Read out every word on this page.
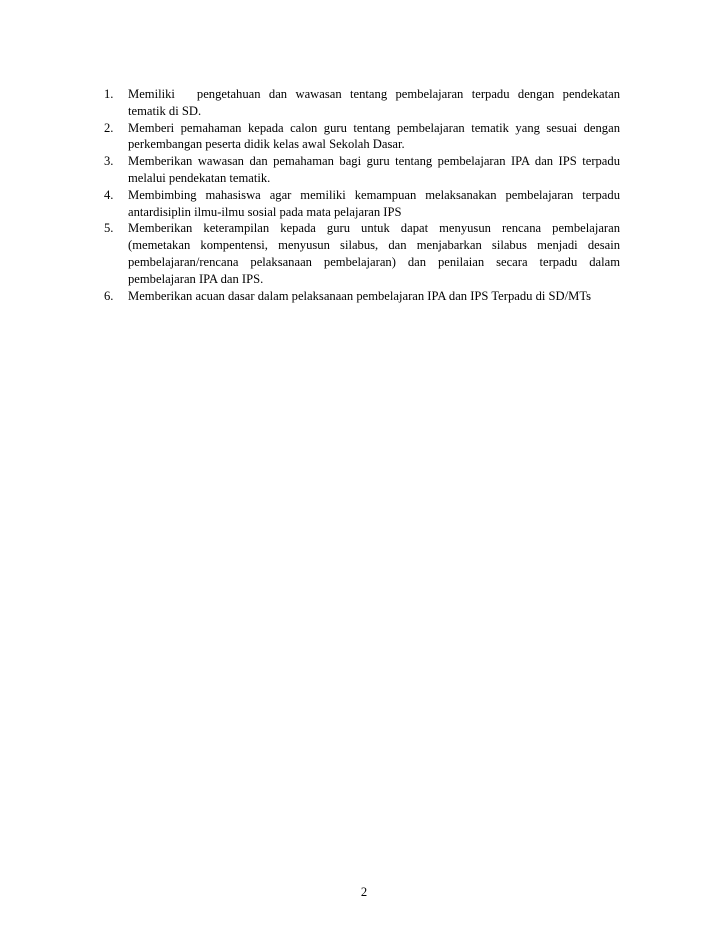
1.	Memiliki pengetahuan dan wawasan tentang pembelajaran terpadu dengan pendekatan tematik di SD.
2.	Memberi pemahaman kepada calon guru tentang pembelajaran tematik yang sesuai dengan perkembangan peserta didik kelas awal Sekolah Dasar.
3.	Memberikan wawasan dan pemahaman bagi guru tentang pembelajaran IPA dan IPS terpadu melalui pendekatan tematik.
4.	Membimbing mahasiswa agar memiliki kemampuan melaksanakan pembelajaran terpadu antardisiplin ilmu-ilmu sosial pada mata pelajaran IPS
5.	Memberikan keterampilan kepada guru untuk dapat menyusun rencana pembelajaran (memetakan kompentensi, menyusun silabus, dan menjabarkan silabus menjadi desain pembelajaran/rencana pelaksanaan pembelajaran) dan penilaian secara terpadu dalam pembelajaran IPA dan IPS.
6.	Memberikan acuan dasar dalam pelaksanaan pembelajaran IPA dan IPS Terpadu di SD/MTs
2
